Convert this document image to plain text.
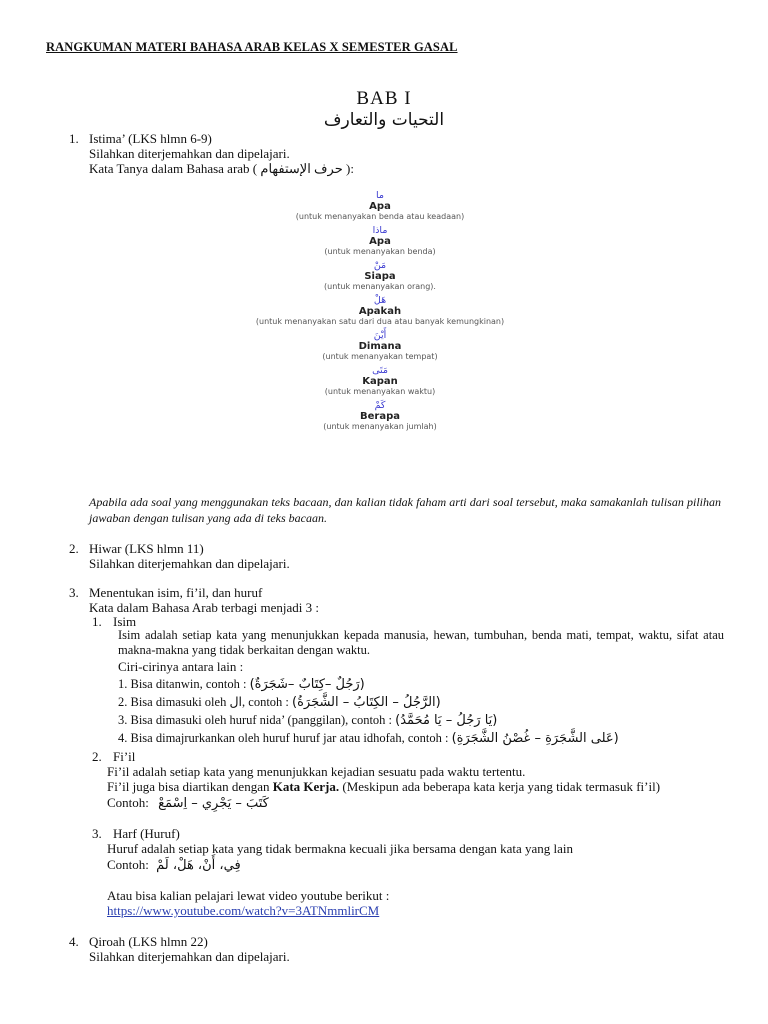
RANGKUMAN MATERI BAHASA ARAB KELAS X SEMESTER GASAL
BAB I
التحيات والتعارف
1. Istima’ (LKS hlmn 6-9)
Silahkan diterjemahkan dan dipelajari.
Kata Tanya dalam Bahasa arab ( حرف الإستفهام ):
ما
Apa
(untuk menanyakan benda atau keadaan)
ماذا
Apa
(untuk menanyakan benda)
مَنْ
Siapa
(untuk menanyakan orang).
هَلْ
Apakah
(untuk menanyakan satu dari dua atau banyak kemungkinan)
أَيْنَ
Dimana
(untuk menanyakan tempat)
مَتَى
Kapan
(untuk menanyakan waktu)
كَمْ
Berapa
(untuk menanyakan jumlah)
Apabila ada soal yang menggunakan teks bacaan, dan kalian tidak faham arti dari soal tersebut, maka samakanlah tulisan pilihan jawaban dengan tulisan yang ada di teks bacaan.
2. Hiwar (LKS hlmn 11)
Silahkan diterjemahkan dan dipelajari.
3. Menentukan isim, fi’il, dan huruf
Kata dalam Bahasa Arab terbagi menjadi 3 :
1. Isim
Isim adalah setiap kata yang menunjukkan kepada manusia, hewan, tumbuhan, benda mati, tempat, waktu, sifat atau makna-makna yang tidak berkaitan dengan waktu.
Ciri-cirinya antara lain :
1. Bisa ditanwin, contoh : (رَجُلٌ –كِتَابٌ –شَجَرَةٌ)
2. Bisa dimasuki oleh ال, contoh : (الرَّجُلُ – الكِتَابُ – الشَّجَرَةُ)
3. Bisa dimasuki oleh huruf nida’ (panggilan), contoh : (يَا رَجُلُ – يَا مُحَمَّدُ)
4. Bisa dimajrurkankan oleh huruf huruf jar atau idhofah, contoh : (عَلى الشَّجَرَةِ – غُصْنُ الشَّجَرَةِ)
2. Fi’il
Fi’il adalah setiap kata yang menunjukkan kejadian sesuatu pada waktu tertentu.
Fi’il juga bisa diartikan dengan Kata Kerja. (Meskipun ada beberapa kata kerja yang tidak termasuk fi’il)
Contoh: كَتَبَ – يَجْرِي – اِسْمَعْ
3. Harf (Huruf)
Huruf adalah setiap kata yang tidak bermakna kecuali jika bersama dengan kata yang lain
Contoh: فِي، أَنْ، هَلْ، لَمْ
Atau bisa kalian pelajari lewat video youtube berikut :
https://www.youtube.com/watch?v=3ATNmmlirCM
4. Qiroah (LKS hlmn 22)
Silahkan diterjemahkan dan dipelajari.
